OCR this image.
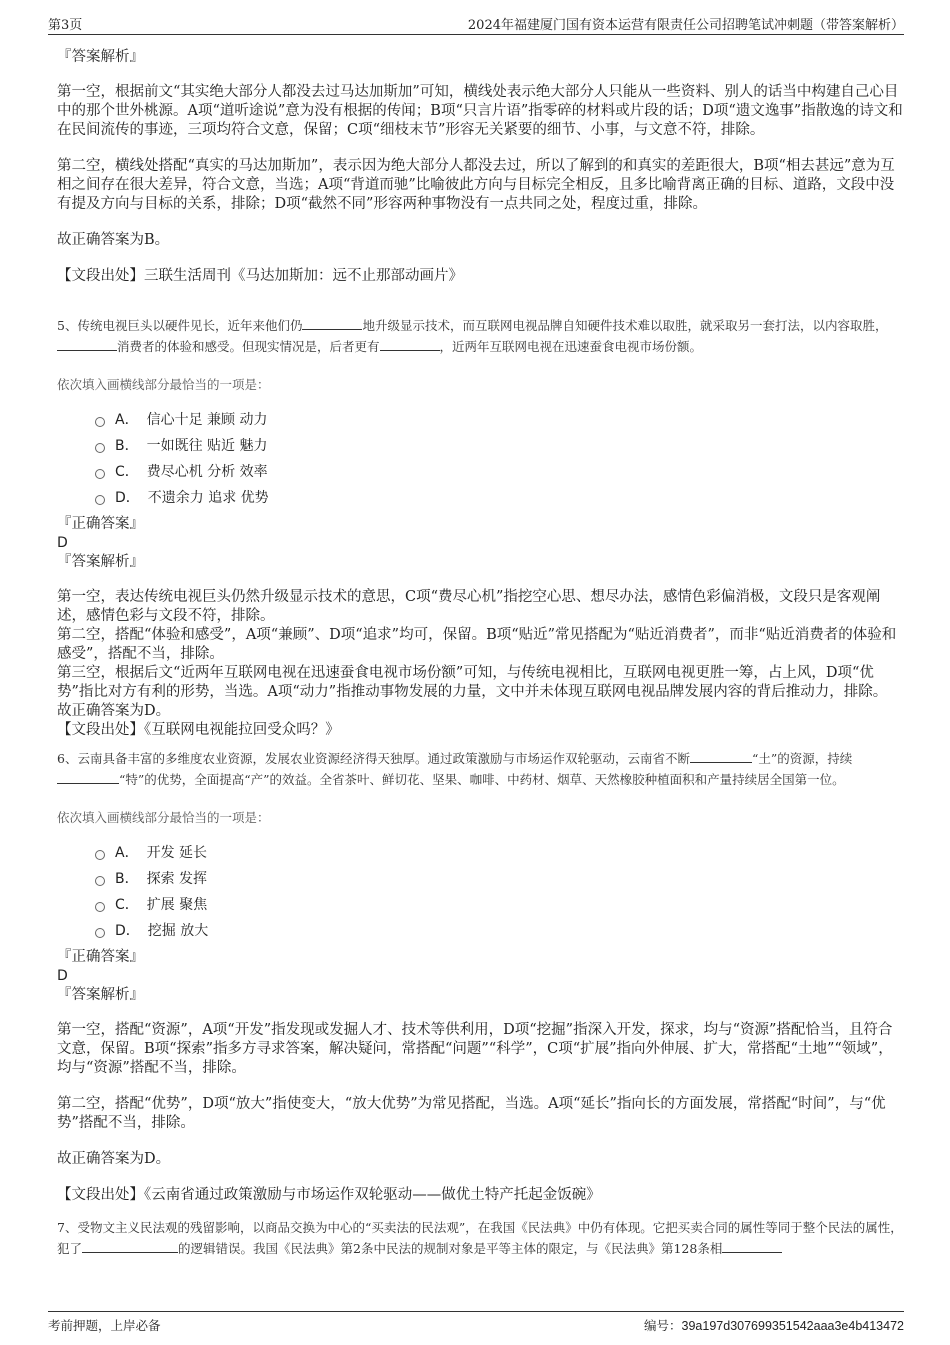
第3页	2024年福建厦门国有资本运营有限责任公司招聘笔试冲刺题（带答案解析）

『答案解析』

第一空，根据前文“其实绝大部分人都没去过马达加斯加”可知，横线处表示绝大部分人只能从一些资料、别人的话当中构建自己心目中的那个世外桃源。A项“道听途说”意为没有根据的传闻；B项“只言片语”指零碎的材料或片段的话；D项“遗文逸事”指散逸的诗文和在民间流传的事迹，三项均符合文意，保留；C项“细枝末节”形容无关紧要的细节、小事，与文意不符，排除。

第二空，横线处搭配“真实的马达加斯加”，表示因为绝大部分人都没去过，所以了解到的和真实的差距很大，B项“相去甚远”意为互相之间存在很大差异，符合文意，当选；A项“背道而驰”比喻彼此方向与目标完全相反，且多比喻背离正确的目标、道路，文段中没有提及方向与目标的关系，排除；D项“截然不同”形容两种事物没有一点共同之处，程度过重，排除。

故正确答案为B。

【文段出处】三联生活周刊《马达加斯加：远不止那部动画片》

5、传统电视巨头以硬件见长，近年来他们仍	地升级显示技术，而互联网电视品牌自知硬件技术难以取胜，就采取另一套打法，以内容取胜，消费者的体验和感受。但现实情况是，后者更有	，近两年互联网电视在迅速蚕食电视市场份额。

依次填入画横线部分最恰当的一项是：

A． 信心十足 兼顾 动力
B． 一如既往 贴近 魅力
C． 费尽心机 分析 效率
D． 不遗余力 追求 优势

『正确答案』

D

『答案解析』

第一空，表达传统电视巨头仍然升级显示技术的意思，C项“费尽心机”指挖空心思、想尽办法，感情色彩偏消极，文段只是客观阐述，感情色彩与文段不符，排除。

第二空，搭配“体验和感受”，A项“兼顾”、D项“追求”均可，保留。B项“贴近”常见搭配为“贴近消费者”，而非“贴近消费者的体验和感受”，搭配不当，排除。

第三空，根据后文“近两年互联网电视在迅速蚕食电视市场份额”可知，与传统电视相比，互联网电视更胜一筹，占上风，D项“优势”指比对方有利的形势，当选。A项“动力”指推动事物发展的力量，文中并未体现互联网电视品牌发展内容的背后推动力，排除。

故正确答案为D。

【文段出处】《互联网电视能拉回受众吗？》

6、云南具备丰富的多维度农业资源，发展农业资源经济得天独厚。通过政策激励与市场运作双轮驱动，云南省不断	“土”的资源，持续“特”的优势，全面提高“产”的效益。全省茶叶、鲜切花、坚果、咖啡、中药材、烟草、天然橡胶种植面积和产量持续居全国第一位。

依次填入画横线部分最恰当的一项是：

A． 开发 延长
B． 探索 发挥
C． 扩展 聚焦
D． 挖掘 放大

『正确答案』

D

『答案解析』

第一空，搭配“资源”，A项“开发”指发现或发掘人才、技术等供利用，D项“挖掘”指深入开发，探求，均与“资源”搭配恰当，且符合文意，保留。B项“探索”指多方寻求答案，解决疑问，常搭配“问题”“科学”，C项“扩展”指向外伸展、扩大，常搭配“土地”“领域”，均与“资源”搭配不当，排除。

第二空，搭配“优势”，D项“放大”指使变大，“放大优势”为常见搭配，当选。A项“延长”指向长的方面发展，常搭配“时间”，与“优势”搭配不当，排除。

故正确答案为D。

【文段出处】《云南省通过政策激励与市场运作双轮驱动——做优土特产托起金饭碗》

7、受物文主义民法观的残留影响，以商品交换为中心的“买卖法的民法观”，在我国《民法典》中仍有体现。它把买卖合同的属性等同于整个民法的属性，犯了	的逻辑错误。我国《民法典》第2条中民法的规制对象是平等主体的限定，与《民法典》第128条相

考前押题，上岸必备	编号：39a197d307699351542aaa3e4b413472
